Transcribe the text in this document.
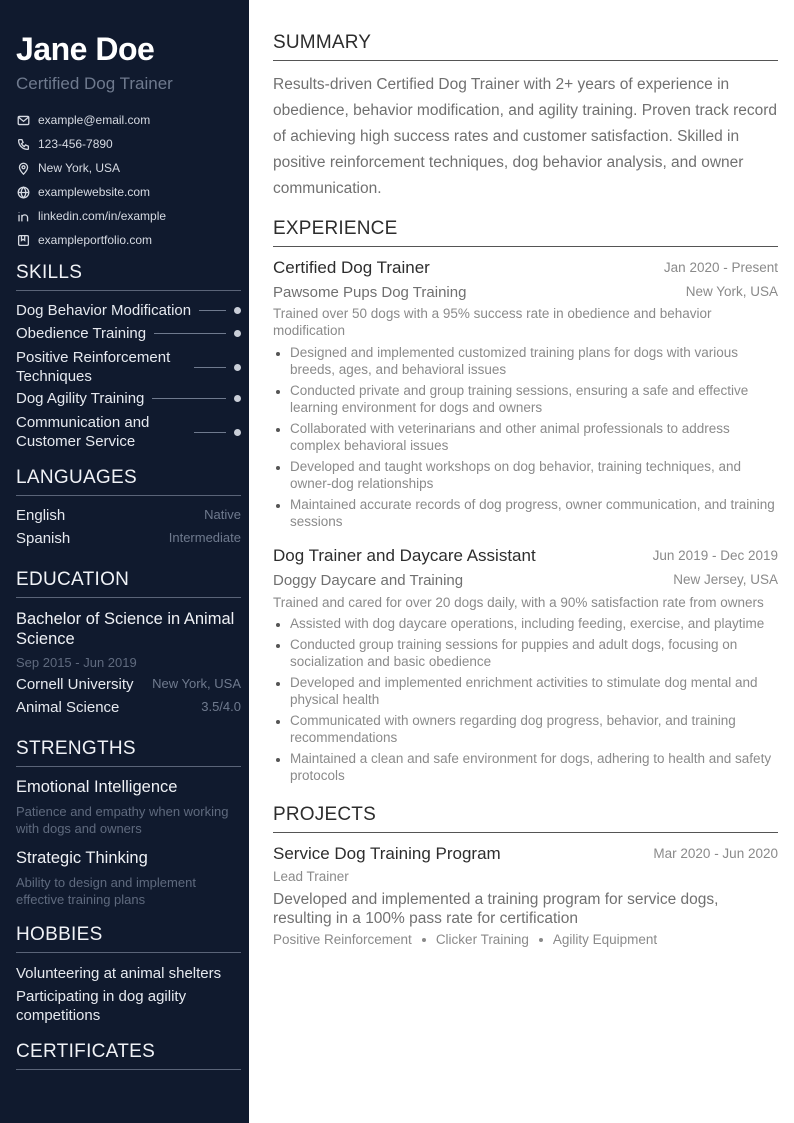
Jane Doe
Certified Dog Trainer
example@email.com
123-456-7890
New York, USA
examplewebsite.com
linkedin.com/in/example
exampleportfolio.com
SKILLS
Dog Behavior Modification
Obedience Training
Positive Reinforcement Techniques
Dog Agility Training
Communication and Customer Service
LANGUAGES
English	Native
Spanish	Intermediate
EDUCATION
Bachelor of Science in Animal Science
Sep 2015 - Jun 2019
Cornell University New York, USA
Animal Science	3.5/4.0
STRENGTHS
Emotional Intelligence
Patience and empathy when working with dogs and owners
Strategic Thinking
Ability to design and implement effective training plans
HOBBIES
Volunteering at animal shelters
Participating in dog agility competitions
CERTIFICATES
SUMMARY
Results-driven Certified Dog Trainer with 2+ years of experience in obedience, behavior modification, and agility training. Proven track record of achieving high success rates and customer satisfaction. Skilled in positive reinforcement techniques, dog behavior analysis, and owner communication.
EXPERIENCE
Certified Dog Trainer	Jan 2020 - Present
Pawsome Pups Dog Training	New York, USA
Trained over 50 dogs with a 95% success rate in obedience and behavior modification
Designed and implemented customized training plans for dogs with various breeds, ages, and behavioral issues
Conducted private and group training sessions, ensuring a safe and effective learning environment for dogs and owners
Collaborated with veterinarians and other animal professionals to address complex behavioral issues
Developed and taught workshops on dog behavior, training techniques, and owner-dog relationships
Maintained accurate records of dog progress, owner communication, and training sessions
Dog Trainer and Daycare Assistant	Jun 2019 - Dec 2019
Doggy Daycare and Training	New Jersey, USA
Trained and cared for over 20 dogs daily, with a 90% satisfaction rate from owners
Assisted with dog daycare operations, including feeding, exercise, and playtime
Conducted group training sessions for puppies and adult dogs, focusing on socialization and basic obedience
Developed and implemented enrichment activities to stimulate dog mental and physical health
Communicated with owners regarding dog progress, behavior, and training recommendations
Maintained a clean and safe environment for dogs, adhering to health and safety protocols
PROJECTS
Service Dog Training Program	Mar 2020 - Jun 2020
Lead Trainer
Developed and implemented a training program for service dogs, resulting in a 100% pass rate for certification
Positive Reinforcement Clicker Training Agility Equipment
